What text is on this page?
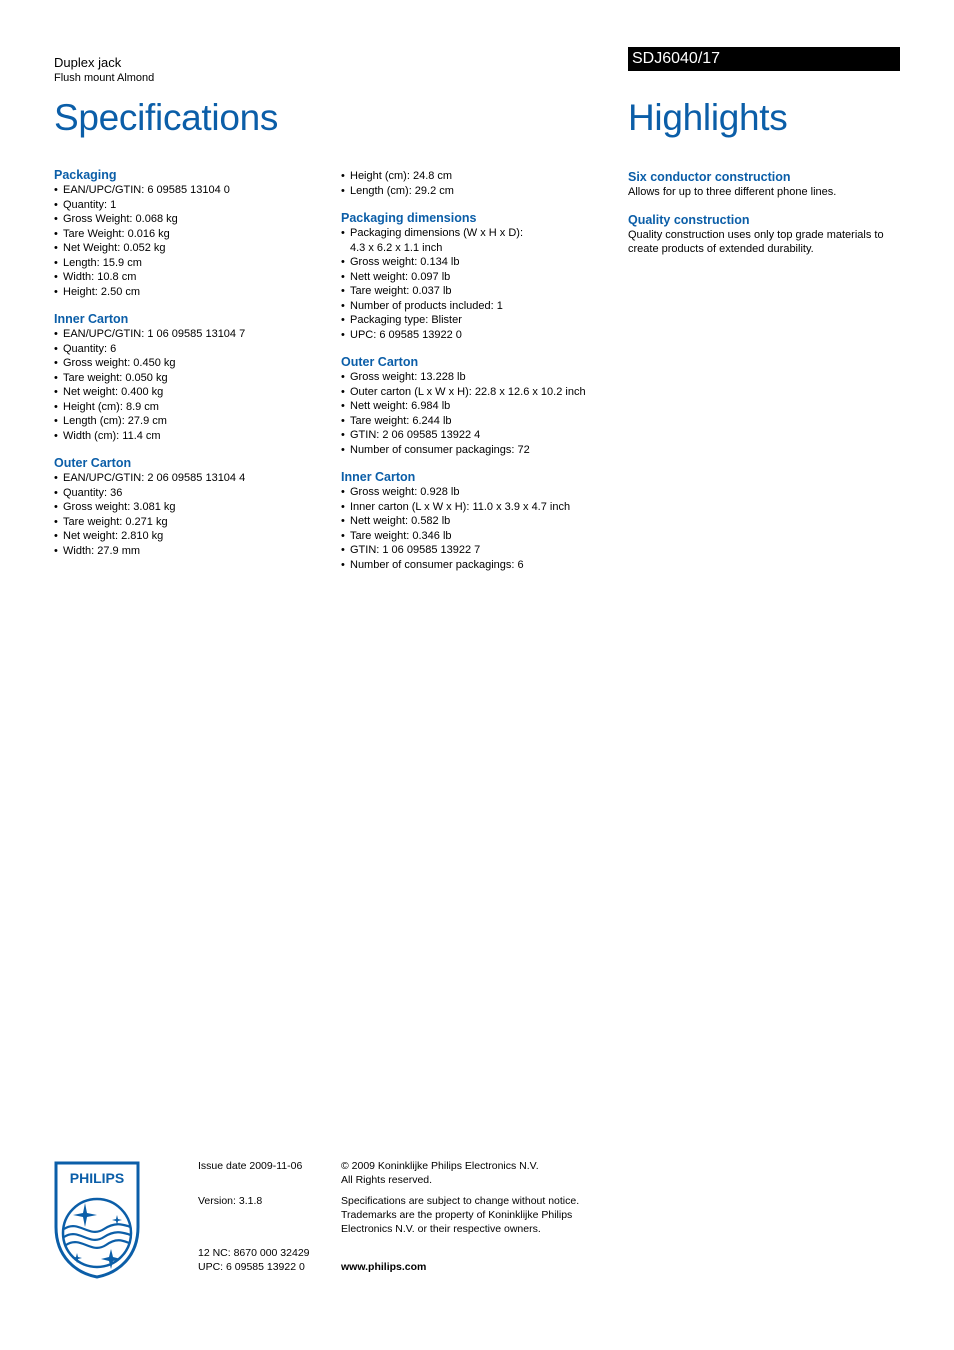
Duplex jack
Flush mount Almond
SDJ6040/17
Specifications	Highlights
Packaging
• EAN/UPC/GTIN: 6 09585 13104 0
• Quantity: 1
• Gross Weight: 0.068 kg
• Tare Weight: 0.016 kg
• Net Weight: 0.052 kg
• Length: 15.9 cm
• Width: 10.8 cm
• Height: 2.50 cm
Inner Carton
• EAN/UPC/GTIN: 1 06 09585 13104 7
• Quantity: 6
• Gross weight: 0.450 kg
• Tare weight: 0.050 kg
• Net weight: 0.400 kg
• Height (cm): 8.9 cm
• Length (cm): 27.9 cm
• Width (cm): 11.4 cm
Outer Carton
• EAN/UPC/GTIN: 2 06 09585 13104 4
• Quantity: 36
• Gross weight: 3.081 kg
• Tare weight: 0.271 kg
• Net weight: 2.810 kg
• Width: 27.9 mm
• Height (cm): 24.8 cm
• Length (cm): 29.2 cm
Packaging dimensions
• Packaging dimensions (W x H x D):
4.3 x 6.2 x 1.1 inch
• Gross weight: 0.134 lb
• Nett weight: 0.097 lb
• Tare weight: 0.037 lb
• Number of products included: 1
• Packaging type: Blister
• UPC: 6 09585 13922 0
Outer Carton
• Gross weight: 13.228 lb
• Outer carton (L x W x H): 22.8 x 12.6 x 10.2 inch
• Nett weight: 6.984 lb
• Tare weight: 6.244 lb
• GTIN: 2 06 09585 13922 4
• Number of consumer packagings: 72
Inner Carton
• Gross weight: 0.928 lb
• Inner carton (L x W x H): 11.0 x 3.9 x 4.7 inch
• Nett weight: 0.582 lb
• Tare weight: 0.346 lb
• GTIN: 1 06 09585 13922 7
• Number of consumer packagings: 6
Six conductor construction
Allows for up to three different phone lines.
Quality construction
Quality construction uses only top grade materials to create products of extended durability.
PHILIPS
Issue date 2009-11-06
Version: 3.1.8
12 NC: 8670 000 32429
UPC: 6 09585 13922 0
© 2009 Koninklijke Philips Electronics N.V.
All Rights reserved.
Specifications are subject to change without notice.
Trademarks are the property of Koninklijke Philips
Electronics N.V. or their respective owners.
www.philips.com
